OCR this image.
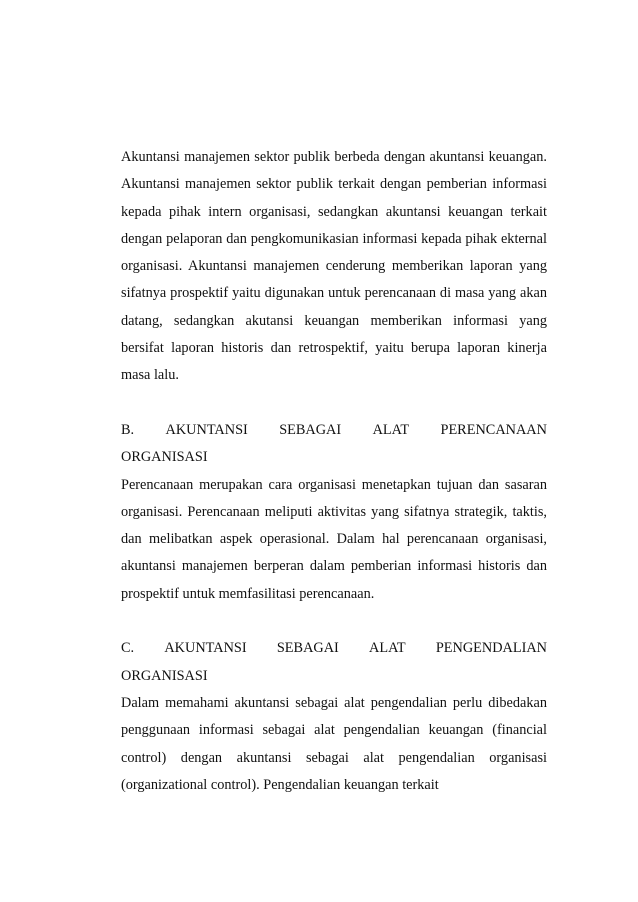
Akuntansi manajemen sektor publik berbeda dengan akuntansi keuangan. Akuntansi manajemen sektor publik terkait dengan pemberian informasi kepada pihak intern organisasi, sedangkan akuntansi keuangan terkait dengan pelaporan dan pengkomunikasian informasi kepada pihak ekternal organisasi. Akuntansi manajemen cenderung memberikan laporan yang sifatnya prospektif yaitu digunakan untuk perencanaan di masa yang akan datang, sedangkan akutansi keuangan memberikan informasi yang bersifat laporan historis dan retrospektif, yaitu berupa laporan kinerja masa lalu.

B. AKUNTANSI SEBAGAI ALAT PERENCANAAN

ORGANISASI

Perencanaan merupakan cara organisasi menetapkan tujuan dan sasaran organisasi. Perencanaan meliputi aktivitas yang sifatnya strategik, taktis, dan melibatkan aspek operasional. Dalam hal perencanaan organisasi, akuntansi manajemen berperan dalam pemberian informasi historis dan prospektif untuk memfasilitasi perencanaan.

C. AKUNTANSI SEBAGAI ALAT PENGENDALIAN

ORGANISASI

Dalam memahami akuntansi sebagai alat pengendalian perlu dibedakan penggunaan informasi sebagai alat pengendalian keuangan (financial control) dengan akuntansi sebagai alat pengendalian organisasi (organizational control). Pengendalian keuangan terkait
